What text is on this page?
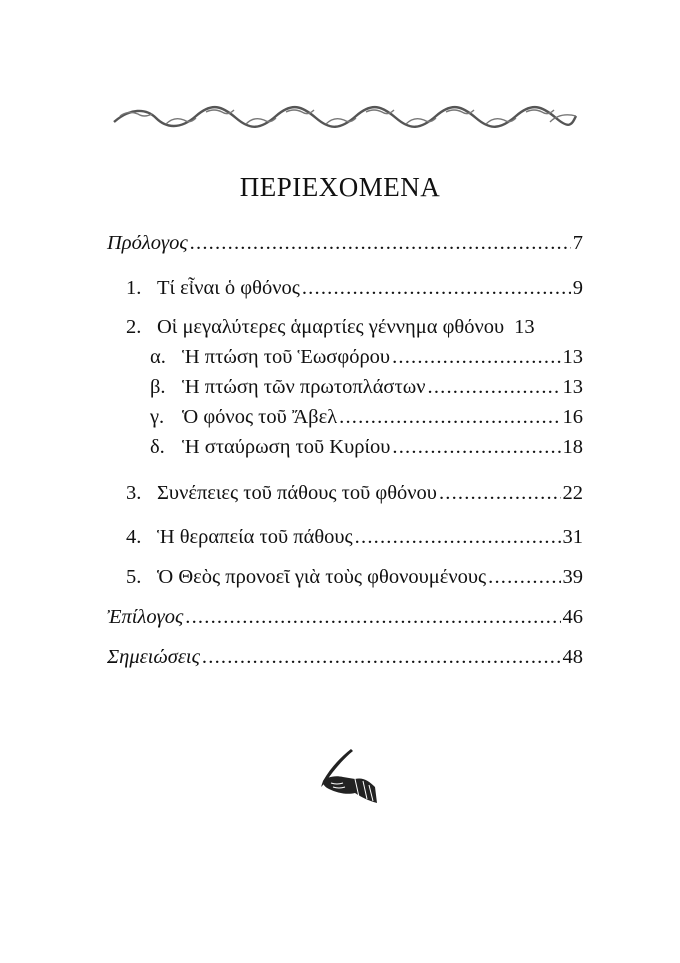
ΠΕΡΙΕΧΟΜΕΝΑ
Πρόλογος .....	7
1. Τί εἶναι ὁ φθόνος .....	9
2. Οἱ μεγαλύτερες ἁμαρτίες γέννημα φθόνου 13
α. Ἡ πτώση τοῦ Ἑωσφόρου .....	13
β. Ἡ πτώση τῶν πρωτοπλάστων .....	13
γ. Ὁ φόνος τοῦ Ἄβελ .....	16
δ. Ἡ σταύρωση τοῦ Κυρίου .....	18
3. Συνέπειες τοῦ πάθους τοῦ φθόνου .....	22
4. Ἡ θεραπεία τοῦ πάθους .....	31
5. Ὁ Θεὸς προνοεῖ γιὰ τοὺς φθονουμένους .....	39
Ἐπίλογος .....	46
Σημειώσεις .....	48
